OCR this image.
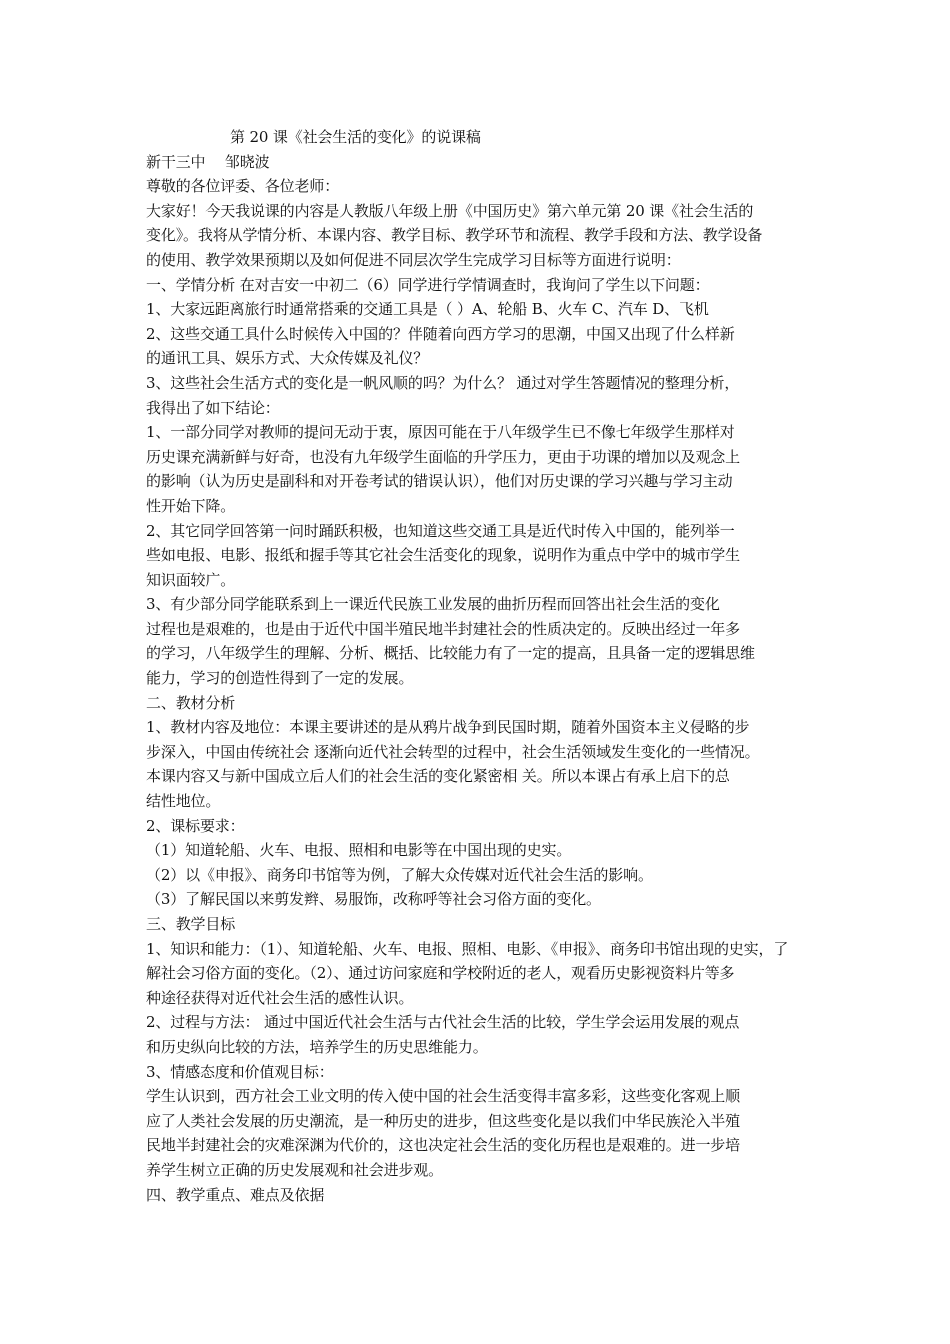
第 20 课《社会生活的变化》的说课稿
新干三中　 邹晓波
尊敬的各位评委、各位老师：
大家好！今天我说课的内容是人教版八年级上册《中国历史》第六单元第 20 课《社会生活的
变化》。我将从学情分析、本课内容、教学目标、教学环节和流程、教学手段和方法、教学设备
的使用、教学效果预期以及如何促进不同层次学生完成学习目标等方面进行说明：
一、学情分析 在对吉安一中初二（6）同学进行学情调查时，我询问了学生以下问题：
1、大家远距离旅行时通常搭乘的交通工具是（ ）A、轮船 B、火车 C、汽车 D、飞机
2、这些交通工具什么时候传入中国的？伴随着向西方学习的思潮，中国又出现了什么样新
的通讯工具、娱乐方式、大众传媒及礼仪？
3、这些社会生活方式的变化是一帆风顺的吗？为什么？ 通过对学生答题情况的整理分析，
我得出了如下结论：
1、一部分同学对教师的提问无动于衷，原因可能在于八年级学生已不像七年级学生那样对
历史课充满新鲜与好奇，也没有九年级学生面临的升学压力，更由于功课的增加以及观念上
的影响（认为历史是副科和对开卷考试的错误认识），他们对历史课的学习兴趣与学习主动
性开始下降。
2、其它同学回答第一问时踊跃积极，也知道这些交通工具是近代时传入中国的，能列举一
些如电报、电影、报纸和握手等其它社会生活变化的现象，说明作为重点中学中的城市学生
知识面较广。
3、有少部分同学能联系到上一课近代民族工业发展的曲折历程而回答出社会生活的变化
过程也是艰难的，也是由于近代中国半殖民地半封建社会的性质决定的。反映出经过一年多
的学习，八年级学生的理解、分析、概括、比较能力有了一定的提高，且具备一定的逻辑思维
能力，学习的创造性得到了一定的发展。
二、教材分析
1、教材内容及地位：本课主要讲述的是从鸦片战争到民国时期，随着外国资本主义侵略的步
步深入，中国由传统社会 逐渐向近代社会转型的过程中，社会生活领域发生变化的一些情况。
本课内容又与新中国成立后人们的社会生活的变化紧密相 关。所以本课占有承上启下的总
结性地位。
2、课标要求：
（1）知道轮船、火车、电报、照相和电影等在中国出现的史实。
（2）以《申报》、商务印书馆等为例，了解大众传媒对近代社会生活的影响。
（3）了解民国以来剪发辫、易服饰，改称呼等社会习俗方面的变化。
三、教学目标
1、知识和能力：（1）、知道轮船、火车、电报、照相、电影、《申报》、商务印书馆出现的史实，了
解社会习俗方面的变化。（2）、通过访问家庭和学校附近的老人，观看历史影视资料片等多
种途径获得对近代社会生活的感性认识。
2、过程与方法： 通过中国近代社会生活与古代社会生活的比较，学生学会运用发展的观点
和历史纵向比较的方法，培养学生的历史思维能力。
3、情感态度和价值观目标：
学生认识到，西方社会工业文明的传入使中国的社会生活变得丰富多彩，这些变化客观上顺
应了人类社会发展的历史潮流，是一种历史的进步，但这些变化是以我们中华民族沦入半殖
民地半封建社会的灾难深渊为代价的，这也决定社会生活的变化历程也是艰难的。进一步培
养学生树立正确的历史发展观和社会进步观。
四、教学重点、难点及依据
